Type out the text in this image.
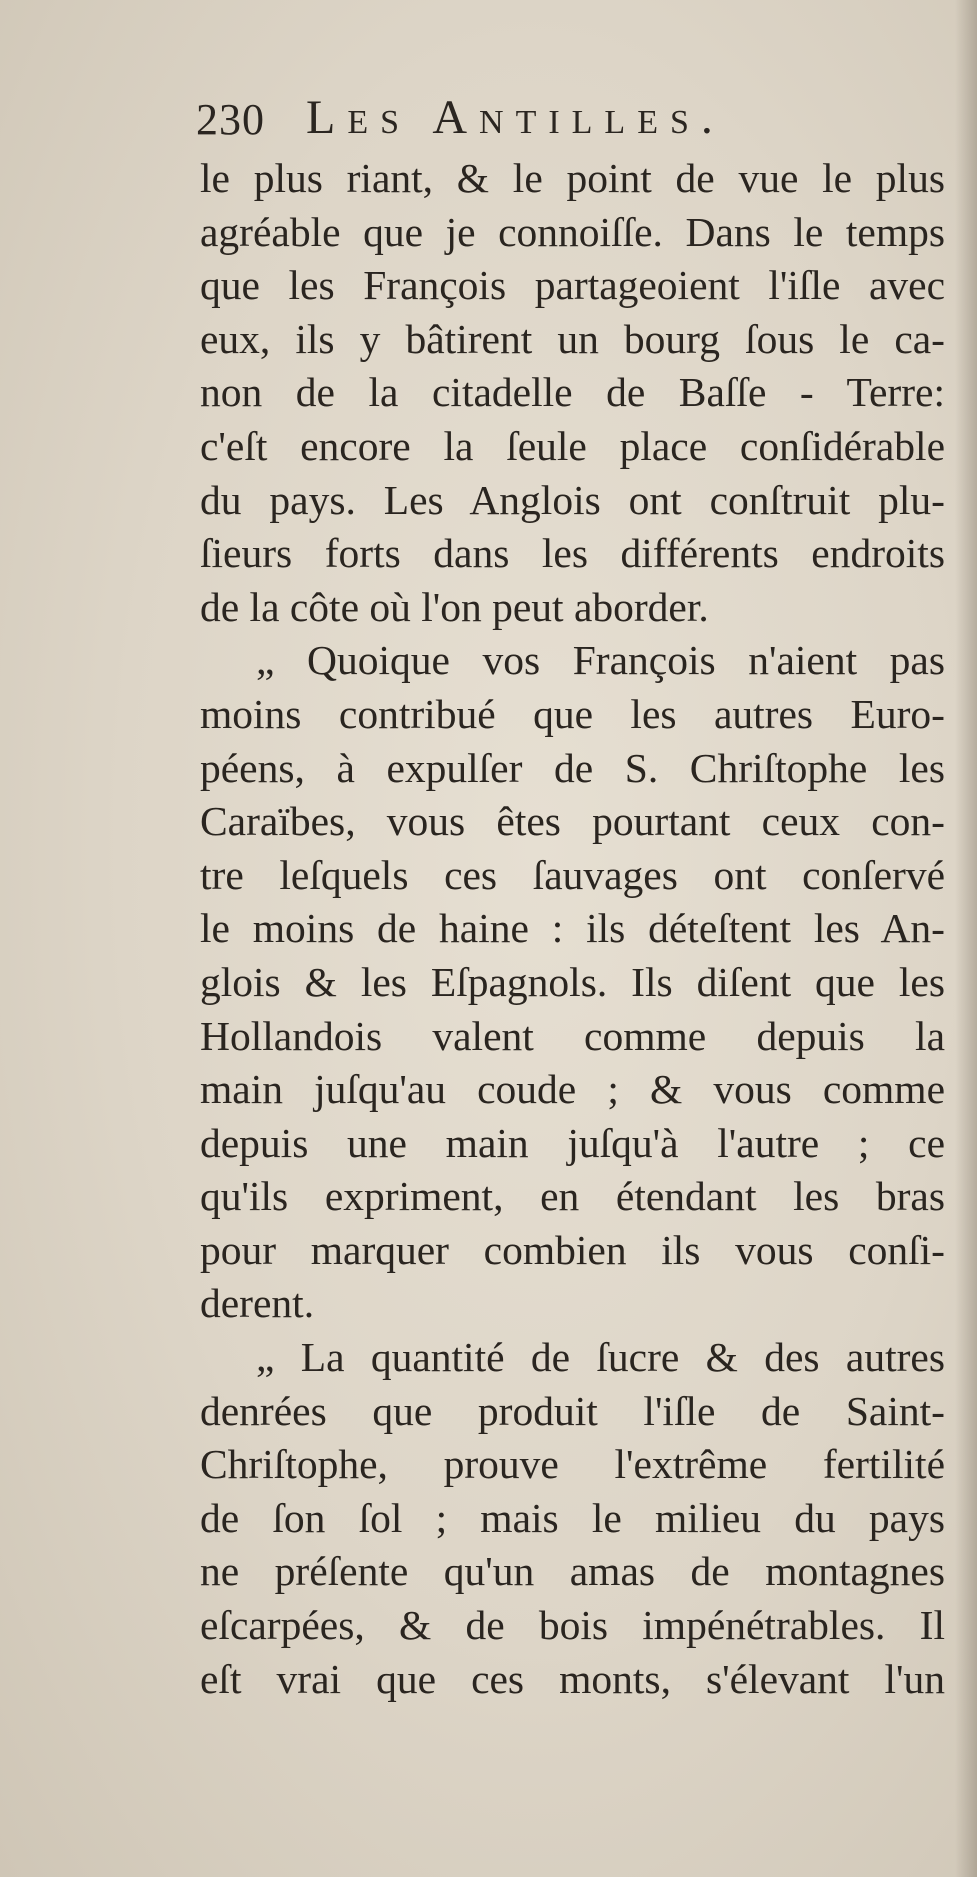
230 Les Antilles.
le plus riant, & le point de vue le plus
agréable que je connoiſſe. Dans le temps
que les François partageoient l'iſle avec
eux, ils y bâtirent un bourg ſous le ca-
non de la citadelle de Baſſe - Terre:
c'eſt encore la ſeule place conſidérable
du pays. Les Anglois ont conſtruit plu-
ſieurs forts dans les différents endroits
de la côte où l'on peut aborder.
„ Quoique vos François n'aient pas
moins contribué que les autres Euro-
péens, à expulſer de S. Chriſtophe les
Caraïbes, vous êtes pourtant ceux con-
tre leſquels ces ſauvages ont conſervé
le moins de haine : ils déteſtent les An-
glois & les Eſpagnols. Ils diſent que les
Hollandois valent comme depuis la
main juſqu'au coude ; & vous comme
depuis une main juſqu'à l'autre ; ce
qu'ils expriment, en étendant les bras
pour marquer combien ils vous conſi-
derent.
„ La quantité de ſucre & des autres
denrées que produit l'iſle de Saint-
Chriſtophe, prouve l'extrême fertilité
de ſon ſol ; mais le milieu du pays
ne préſente qu'un amas de montagnes
eſcarpées, & de bois impénétrables. Il
eſt vrai que ces monts, s'élevant l'un
